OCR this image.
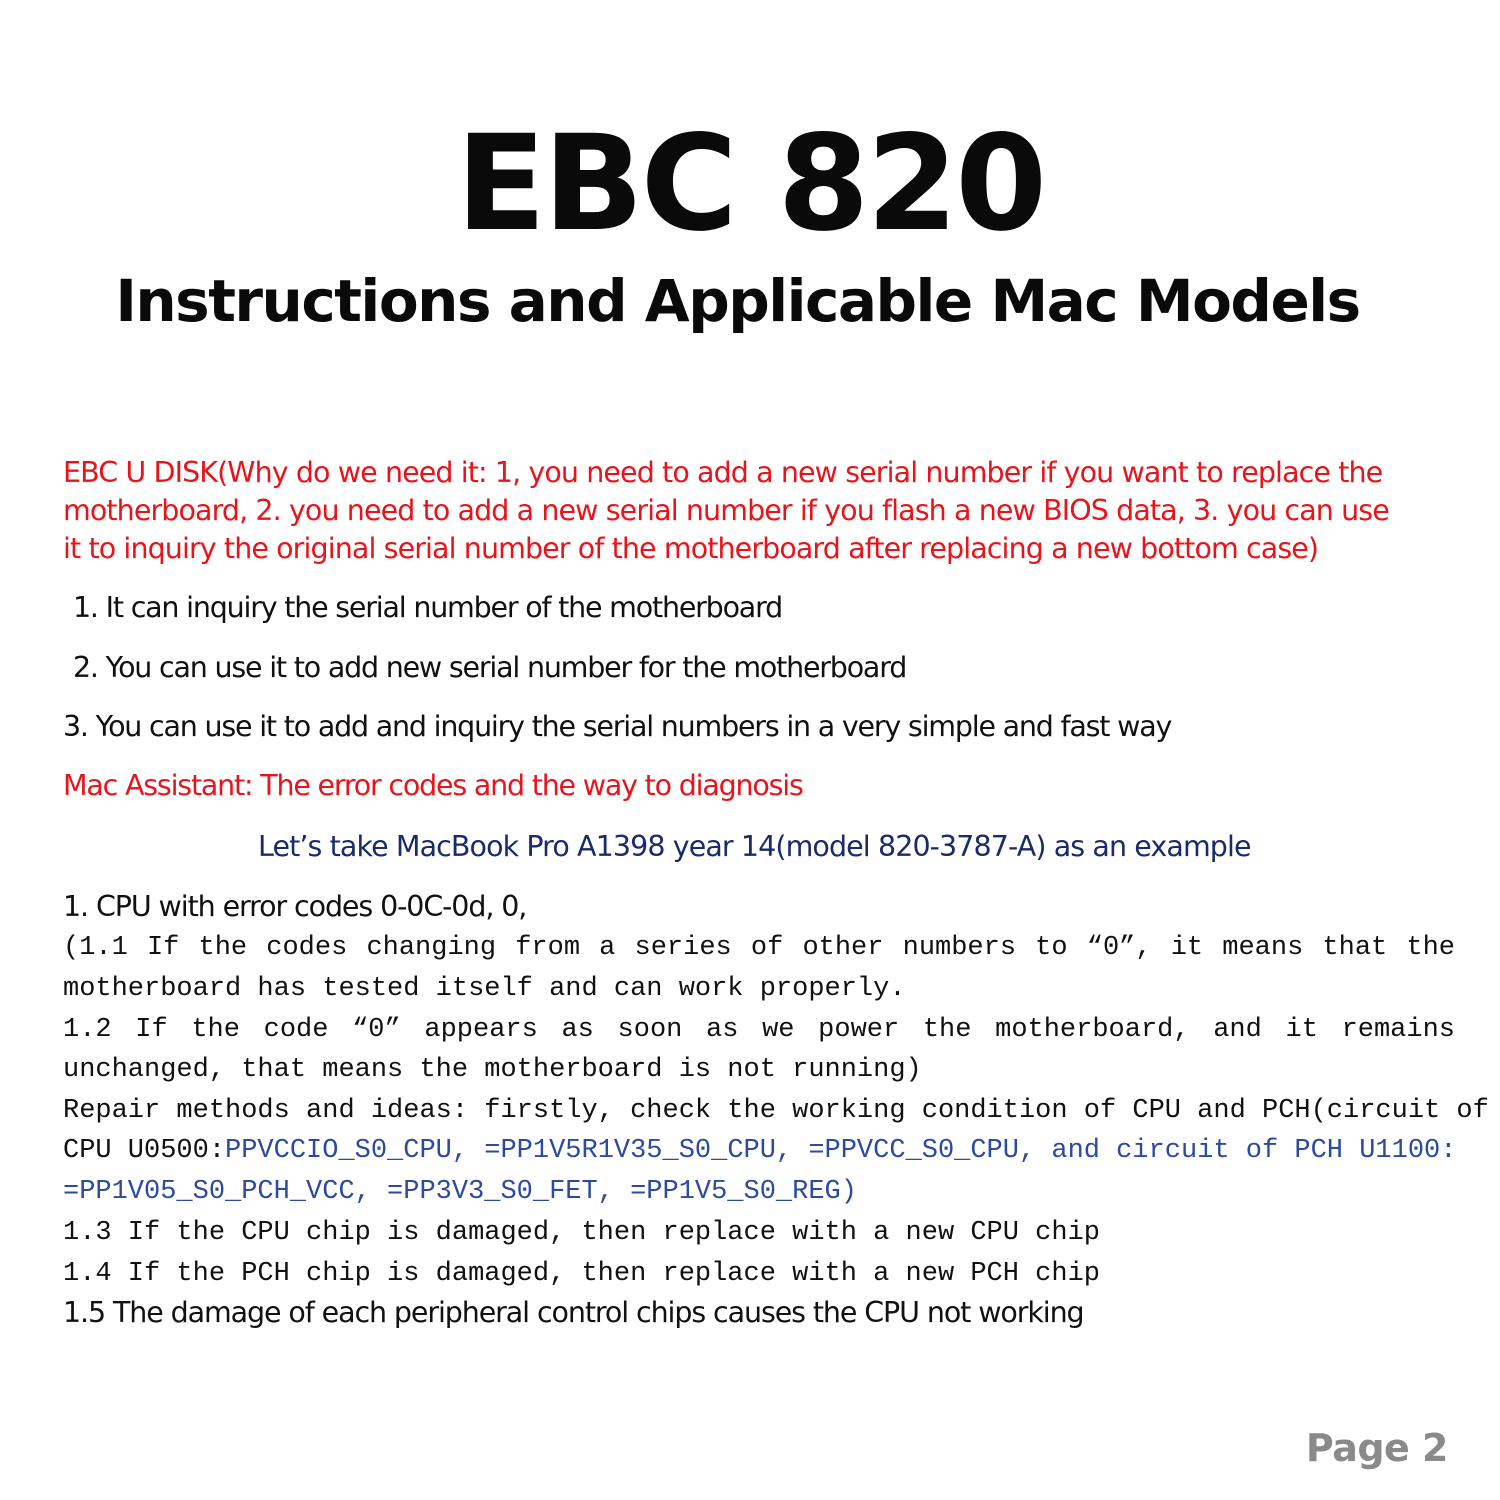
EBC 820
Instructions and Applicable Mac Models
EBC U DISK(Why do we need it: 1, you need to add a new serial number if you want to replace the
motherboard, 2. you need to add a new serial number if you flash a new BIOS data, 3. you can use
it to inquiry the original serial number of the motherboard after replacing a new bottom case)
1. It can inquiry the serial number of the motherboard
2. You can use it to add new serial number for the motherboard
3. You can use it to add and inquiry the serial numbers in a very simple and fast way
Mac Assistant: The error codes and the way to diagnosis
Let’s take MacBook Pro A1398 year 14(model 820-3787-A) as an example
1. CPU with error codes 0-0C-0d, 0,
(1.1 If the codes changing from a series of other numbers to “0”, it means that the
motherboard has tested itself and can work properly.
1.2 If the code “0” appears as soon as we power the motherboard, and it remains
unchanged, that means the motherboard is not running)
Repair methods and ideas: firstly, check the working condition of CPU and PCH(circuit of
CPU U0500:PPVCCIO_S0_CPU, =PP1V5R1V35_S0_CPU, =PPVCC_S0_CPU, and circuit of PCH U1100:
=PP1V05_S0_PCH_VCC, =PP3V3_S0_FET, =PP1V5_S0_REG)
1.3 If the CPU chip is damaged, then replace with a new CPU chip
1.4 If the PCH chip is damaged, then replace with a new PCH chip
1.5 The damage of each peripheral control chips causes the CPU not working
Page 2
